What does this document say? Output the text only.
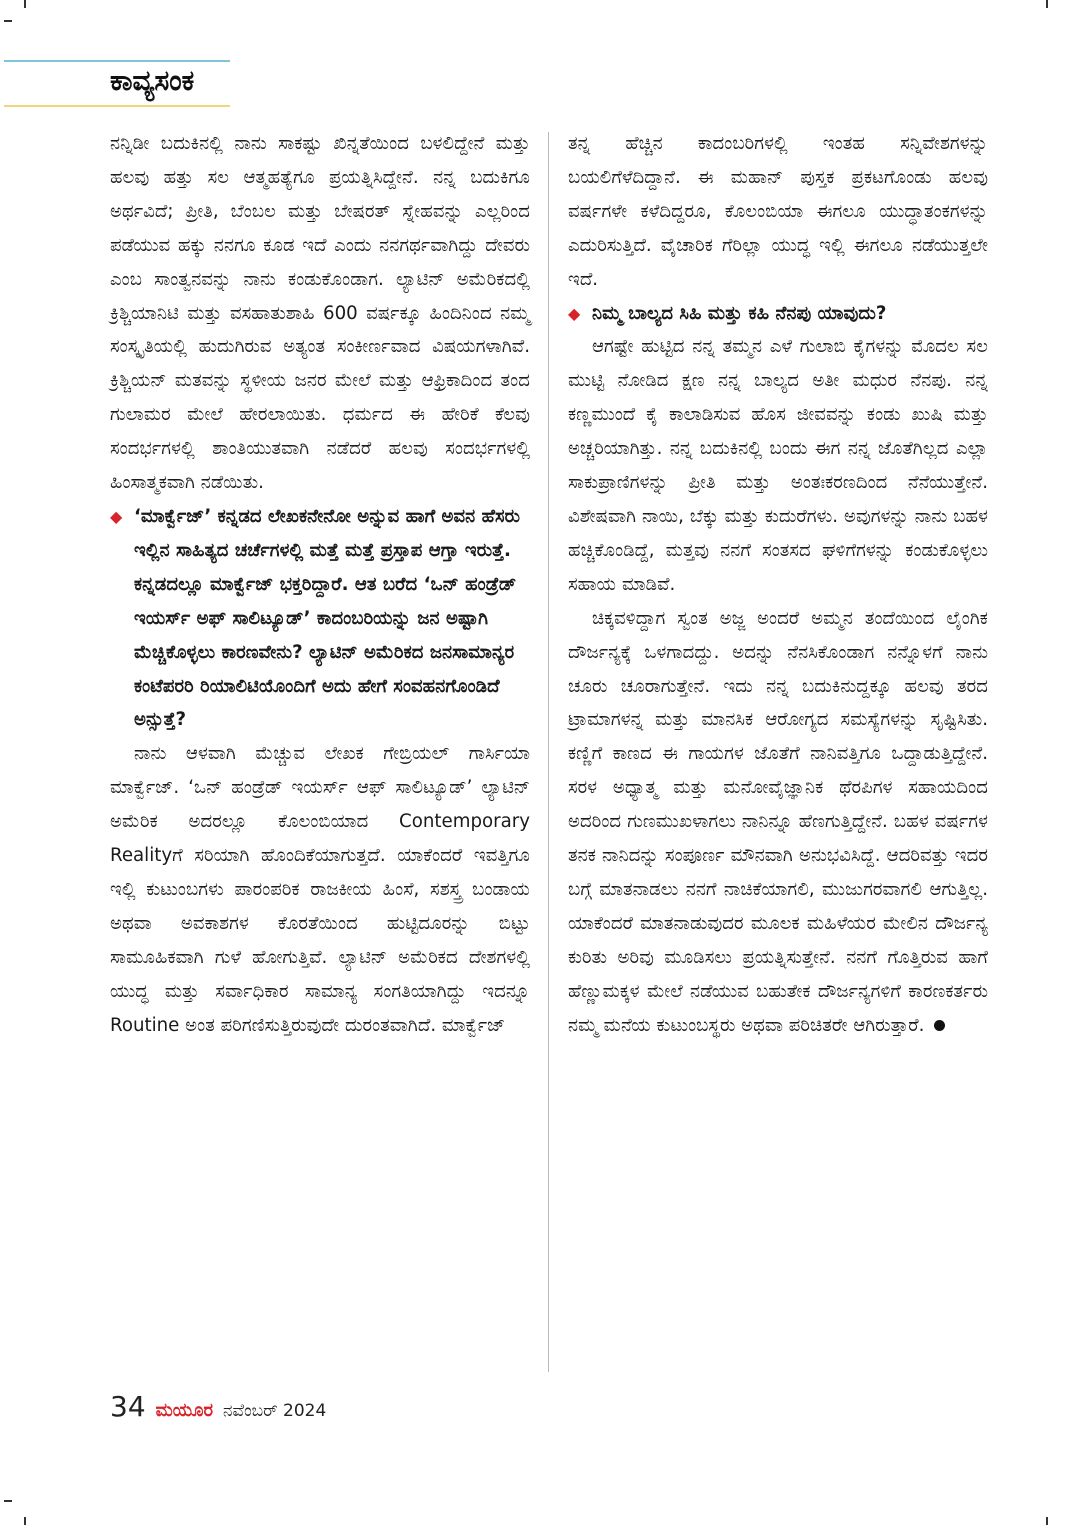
ಕಾವ್ಯಸಂಕ

ನನ್ನಿಡೀ ಬದುಕಿನಲ್ಲಿ ನಾನು ಸಾಕಷ್ಟು ಖಿನ್ನತೆಯಿಂದ ಬಳಲಿದ್ದೇನೆ ಮತ್ತು ಹಲವು ಹತ್ತು ಸಲ ಆತ್ಮಹತ್ಯೆಗೂ ಪ್ರಯತ್ನಿಸಿದ್ದೇನೆ. ನನ್ನ ಬದುಕಿಗೂ ಅರ್ಥವಿದೆ; ಪ್ರೀತಿ, ಬೆಂಬಲ ಮತ್ತು ಬೇಷರತ್ ಸ್ನೇಹವನ್ನು ಎಲ್ಲರಿಂದ ಪಡೆಯುವ ಹಕ್ಕು ನನಗೂ ಕೂಡ ಇದೆ ಎಂದು ನನಗರ್ಥವಾಗಿದ್ದು ದೇವರು ಎಂಬ ಸಾಂತ್ವನವನ್ನು ನಾನು ಕಂಡುಕೊಂಡಾಗ. ಲ್ಯಾಟಿನ್ ಅಮೆರಿಕದಲ್ಲಿ ಕ್ರಿಶ್ಚಿಯಾನಿಟಿ ಮತ್ತು ವಸಹಾತುಶಾಹಿ 600 ವರ್ಷಕ್ಕೂ ಹಿಂದಿನಿಂದ ನಮ್ಮ ಸಂಸ್ಕೃತಿಯಲ್ಲಿ ಹುದುಗಿರುವ ಅತ್ಯಂತ ಸಂಕೀರ್ಣವಾದ ವಿಷಯಗಳಾಗಿವೆ. ಕ್ರಿಶ್ಚಿಯನ್ ಮತವನ್ನು ಸ್ಥಳೀಯ ಜನರ ಮೇಲೆ ಮತ್ತು ಆಫ್ರಿಕಾದಿಂದ ತಂದ ಗುಲಾಮರ ಮೇಲೆ ಹೇರಲಾಯಿತು. ಧರ್ಮದ ಈ ಹೇರಿಕೆ ಕೆಲವು ಸಂದರ್ಭಗಳಲ್ಲಿ ಶಾಂತಿಯುತವಾಗಿ ನಡೆದರೆ ಹಲವು ಸಂದರ್ಭಗಳಲ್ಲಿ ಹಿಂಸಾತ್ಮಕವಾಗಿ ನಡೆಯಿತು.

◆ ‘ಮಾರ್ಕ್ವೆಜ್’ ಕನ್ನಡದ ಲೇಖಕನೇನೋ ಅನ್ನುವ ಹಾಗೆ ಅವನ ಹೆಸರು ಇಲ್ಲಿನ ಸಾಹಿತ್ಯದ ಚರ್ಚೆಗಳಲ್ಲಿ ಮತ್ತೆ ಮತ್ತೆ ಪ್ರಸ್ತಾಪ ಆಗ್ತಾ ಇರುತ್ತೆ. ಕನ್ನಡದಲ್ಲೂ ಮಾರ್ಕ್ವೆಜ್ ಭಕ್ತರಿದ್ದಾರೆ. ಆತ ಬರೆದ ‘ಒನ್ ಹಂಡ್ರೆಡ್ ಇಯರ್ಸ್ ಅಫ್ ಸಾಲಿಟ್ಯೂಡ್’ ಕಾದಂಬರಿಯನ್ನು ಜನ ಅಷ್ಟಾಗಿ ಮೆಚ್ಚಿಕೊಳ್ಳಲು ಕಾರಣವೇನು? ಲ್ಯಾಟಿನ್ ಅಮೆರಿಕದ ಜನಸಾಮಾನ್ಯರ ಕಂಟೆಪರರಿ ರಿಯಾಲಿಟಿಯೊಂದಿಗೆ ಅದು ಹೇಗೆ ಸಂವಹನಗೊಂಡಿದೆ ಅನ್ಸುತ್ತೆ?

ನಾನು ಆಳವಾಗಿ ಮೆಚ್ಚುವ ಲೇಖಕ ಗೇಬ್ರಿಯಲ್ ಗಾರ್ಸಿಯಾ ಮಾರ್ಕ್ವೆಜ್. ‘ಒನ್ ಹಂಡ್ರೆಡ್ ಇಯರ್ಸ್ ಆಫ್ ಸಾಲಿಟ್ಯೂಡ್’ ಲ್ಯಾಟಿನ್ ಅಮೆರಿಕ ಅದರಲ್ಲೂ ಕೊಲಂಬಿಯಾದ Contemporary Realityಗೆ ಸರಿಯಾಗಿ ಹೊಂದಿಕೆಯಾಗುತ್ತದೆ. ಯಾಕೆಂದರೆ ಇವತ್ತಿಗೂ ಇಲ್ಲಿ ಕುಟುಂಬಗಳು ಪಾರಂಪರಿಕ ರಾಜಕೀಯ ಹಿಂಸೆ, ಸಶಸ್ತ್ರ ಬಂಡಾಯ ಅಥವಾ ಅವಕಾಶಗಳ ಕೊರತೆಯಿಂದ ಹುಟ್ಟಿದೂರನ್ನು ಬಿಟ್ಟು ಸಾಮೂಹಿಕವಾಗಿ ಗುಳೆ ಹೋಗುತ್ತಿವೆ. ಲ್ಯಾಟಿನ್ ಅಮೆರಿಕದ ದೇಶಗಳಲ್ಲಿ ಯುದ್ಧ ಮತ್ತು ಸರ್ವಾಧಿಕಾರ ಸಾಮಾನ್ಯ ಸಂಗತಿಯಾಗಿದ್ದು ಇದನ್ನೂ Routine ಅಂತ ಪರಿಗಣಿಸುತ್ತಿರುವುದೇ ದುರಂತವಾಗಿದೆ. ಮಾರ್ಕ್ವೆಜ್

ತನ್ನ ಹೆಚ್ಚಿನ ಕಾದಂಬರಿಗಳಲ್ಲಿ ಇಂತಹ ಸನ್ನಿವೇಶಗಳನ್ನು ಬಯಲಿಗೆಳೆದಿದ್ದಾನೆ. ಈ ಮಹಾನ್ ಪುಸ್ತಕ ಪ್ರಕಟಗೊಂಡು ಹಲವು ವರ್ಷಗಳೇ ಕಳೆದಿದ್ದರೂ, ಕೊಲಂಬಿಯಾ ಈಗಲೂ ಯುದ್ಧಾತಂಕಗಳನ್ನು ಎದುರಿಸುತ್ತಿದೆ. ವೈಚಾರಿಕ ಗೆರಿಲ್ಲಾ ಯುದ್ಧ ಇಲ್ಲಿ ಈಗಲೂ ನಡೆಯುತ್ತಲೇ ಇದೆ.

◆ ನಿಮ್ಮ ಬಾಲ್ಯದ ಸಿಹಿ ಮತ್ತು ಕಹಿ ನೆನಪು ಯಾವುದು?

ಆಗಷ್ಟೇ ಹುಟ್ಟಿದ ನನ್ನ ತಮ್ಮನ ಎಳೆ ಗುಲಾಬಿ ಕೈಗಳನ್ನು ಮೊದಲ ಸಲ ಮುಟ್ಟಿ ನೋಡಿದ ಕ್ಷಣ ನನ್ನ ಬಾಲ್ಯದ ಅತೀ ಮಧುರ ನೆನಪು. ನನ್ನ ಕಣ್ಣಮುಂದೆ ಕೈ ಕಾಲಾಡಿಸುವ ಹೊಸ ಜೀವವನ್ನು ಕಂಡು ಖುಷಿ ಮತ್ತು ಅಚ್ಚರಿಯಾಗಿತ್ತು. ನನ್ನ ಬದುಕಿನಲ್ಲಿ ಬಂದು ಈಗ ನನ್ನ ಜೊತೆಗಿಲ್ಲದ ಎಲ್ಲಾ ಸಾಕುಪ್ರಾಣಿಗಳನ್ನು ಪ್ರೀತಿ ಮತ್ತು ಅಂತಃಕರಣದಿಂದ ನೆನೆಯುತ್ತೇನೆ. ವಿಶೇಷವಾಗಿ ನಾಯಿ, ಬೆಕ್ಕು ಮತ್ತು ಕುದುರೆಗಳು. ಅವುಗಳನ್ನು ನಾನು ಬಹಳ ಹಚ್ಚಿಕೊಂಡಿದ್ದೆ, ಮತ್ತವು ನನಗೆ ಸಂತಸದ ಘಳಿಗೆಗಳನ್ನು ಕಂಡುಕೊಳ್ಳಲು ಸಹಾಯ ಮಾಡಿವೆ.

ಚಿಕ್ಕವಳಿದ್ದಾಗ ಸ್ವಂತ ಅಜ್ಜ ಅಂದರೆ ಅಮ್ಮನ ತಂದೆಯಿಂದ ಲೈಂಗಿಕ ದೌರ್ಜನ್ಯಕ್ಕೆ ಒಳಗಾದದ್ದು. ಅದನ್ನು ನೆನಸಿಕೊಂಡಾಗ ನನ್ನೊಳಗೆ ನಾನು ಚೂರು ಚೂರಾಗುತ್ತೇನೆ. ಇದು ನನ್ನ ಬದುಕಿನುದ್ದಕ್ಕೂ ಹಲವು ತರದ ಟ್ರಾಮಾಗಳನ್ನ ಮತ್ತು ಮಾನಸಿಕ ಆರೋಗ್ಯದ ಸಮಸ್ಯೆಗಳನ್ನು ಸೃಷ್ಟಿಸಿತು. ಕಣ್ಣಿಗೆ ಕಾಣದ ಈ ಗಾಯಗಳ ಜೊತೆಗೆ ನಾನಿವತ್ತಿಗೂ ಒದ್ದಾಡುತ್ತಿದ್ದೇನೆ. ಸರಳ ಅಧ್ಯಾತ್ಮ ಮತ್ತು ಮನೋವೈಜ್ಞಾನಿಕ ಥೆರಪಿಗಳ ಸಹಾಯದಿಂದ ಅದರಿಂದ ಗುಣಮುಖಳಾಗಲು ನಾನಿನ್ನೂ ಹೆಣಗುತ್ತಿದ್ದೇನೆ. ಬಹಳ ವರ್ಷಗಳ ತನಕ ನಾನಿದನ್ನು ಸಂಪೂರ್ಣ ಮೌನವಾಗಿ ಅನುಭವಿಸಿದ್ದೆ. ಆದರಿವತ್ತು ಇದರ ಬಗ್ಗೆ ಮಾತನಾಡಲು ನನಗೆ ನಾಚಿಕೆಯಾಗಲಿ, ಮುಜುಗರವಾಗಲಿ ಆಗುತ್ತಿಲ್ಲ. ಯಾಕೆಂದರೆ ಮಾತನಾಡುವುದರ ಮೂಲಕ ಮಹಿಳೆಯರ ಮೇಲಿನ ದೌರ್ಜನ್ಯ ಕುರಿತು ಅರಿವು ಮೂಡಿಸಲು ಪ್ರಯತ್ನಿಸುತ್ತೇನೆ. ನನಗೆ ಗೊತ್ತಿರುವ ಹಾಗೆ ಹೆಣ್ಣುಮಕ್ಕಳ ಮೇಲೆ ನಡೆಯುವ ಬಹುತೇಕ ದೌರ್ಜನ್ಯಗಳಿಗೆ ಕಾರಣಕರ್ತರು ನಮ್ಮ ಮನೆಯ ಕುಟುಂಬಸ್ಥರು ಅಥವಾ ಪರಿಚಿತರೇ ಆಗಿರುತ್ತಾರೆ.

34 ಮಯೂರ ನವೆಂಬರ್ 2024
